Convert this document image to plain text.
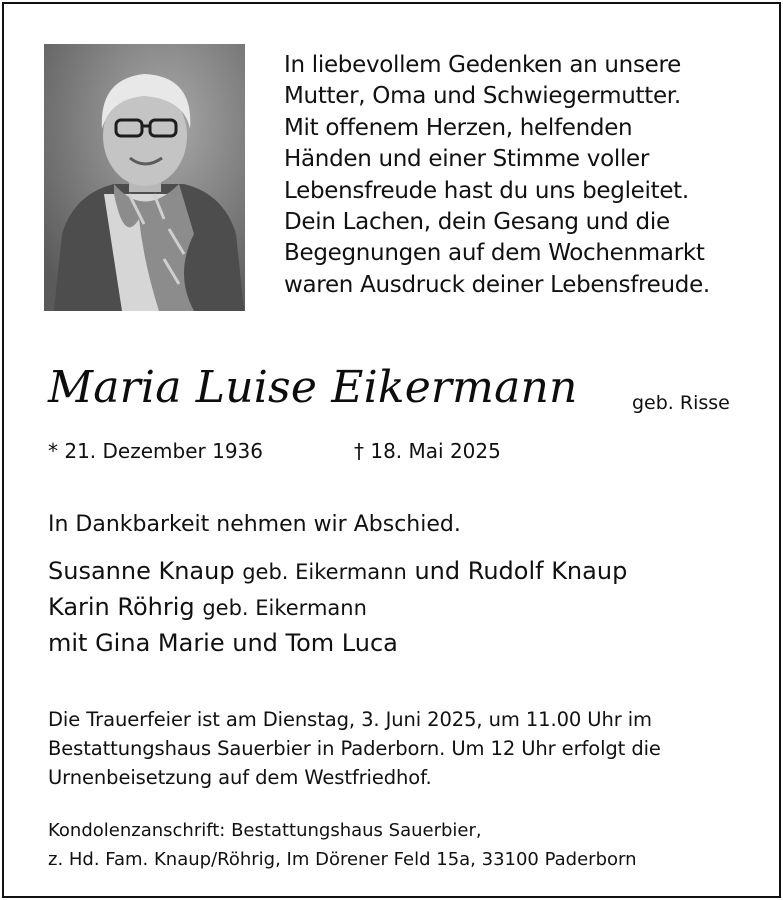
In liebevollem Gedenken an unsere
Mutter, Oma und Schwiegermutter.
Mit offenem Herzen, helfenden
Händen und einer Stimme voller
Lebensfreude hast du uns begleitet.
Dein Lachen, dein Gesang und die
Begegnungen auf dem Wochenmarkt
waren Ausdruck deiner Lebensfreude.
Maria Luise Eikermann	geb. Risse
* 21. Dezember 1936	† 18. Mai 2025
In Dankbarkeit nehmen wir Abschied.
Susanne Knaup geb. Eikermann und Rudolf Knaup
Karin Röhrig geb. Eikermann
mit Gina Marie und Tom Luca
Die Trauerfeier ist am Dienstag, 3. Juni 2025, um 11.00 Uhr im
Bestattungshaus Sauerbier in Paderborn. Um 12 Uhr erfolgt die
Urnenbeisetzung auf dem Westfriedhof.
Kondolenzanschrift: Bestattungshaus Sauerbier,
z. Hd. Fam. Knaup/Röhrig, Im Dörener Feld 15a, 33100 Paderborn
